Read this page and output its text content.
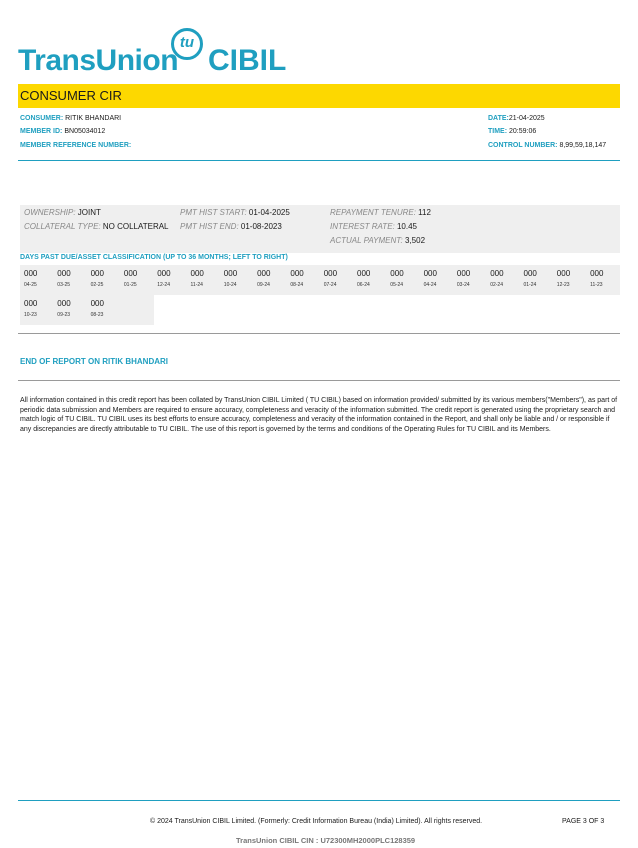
TransUnion
tu
CIBIL
CONSUMER CIR
CONSUMER: RITIK BHANDARI
MEMBER ID: BN05034012
MEMBER REFERENCE NUMBER:
DATE:21-04-2025
TIME: 20:59:06
CONTROL NUMBER: 8,99,59,18,147
OWNERSHIP: JOINT
COLLATERAL TYPE: NO COLLATERAL
PMT HIST START: 01-04-2025
PMT HIST END: 01-08-2023
REPAYMENT TENURE: 112
INTEREST RATE: 10.45
ACTUAL PAYMENT: 3,502
DAYS PAST DUE/ASSET CLASSIFICATION (UP TO 36 MONTHS; LEFT TO RIGHT)
000
04-25
000
03-25
000
02-25
000
01-25
000
12-24
000
11-24
000
10-24
000
09-24
000
08-24
000
07-24
000
06-24
000
05-24
000
04-24
000
03-24
000
02-24
000
01-24
000
12-23
000
11-23
000
10-23
000
09-23
000
08-23
END OF REPORT ON RITIK BHANDARI
All information contained in this credit report has been collated by TransUnion CIBIL Limited ( TU CIBIL) based on information provided/ submitted by its various members("Members"), as part of periodic data submission and Members are required to ensure accuracy, completeness and veracity of the information submitted. The credit report is generated using the proprietary search and match logic of TU CIBIL. TU CIBIL uses its best efforts to ensure accuracy, completeness and veracity of the information contained in the Report, and shall only be liable and / or responsible if any discrepancies are directly attributable to TU CIBIL. The use of this report is governed by the terms and conditions of the Operating Rules for TU CIBIL and its Members.
© 2024 TransUnion CIBIL Limited. (Formerly: Credit Information Bureau (India) Limited). All rights reserved.	PAGE 3 OF 3
TransUnion CIBIL CIN : U72300MH2000PLC128359
